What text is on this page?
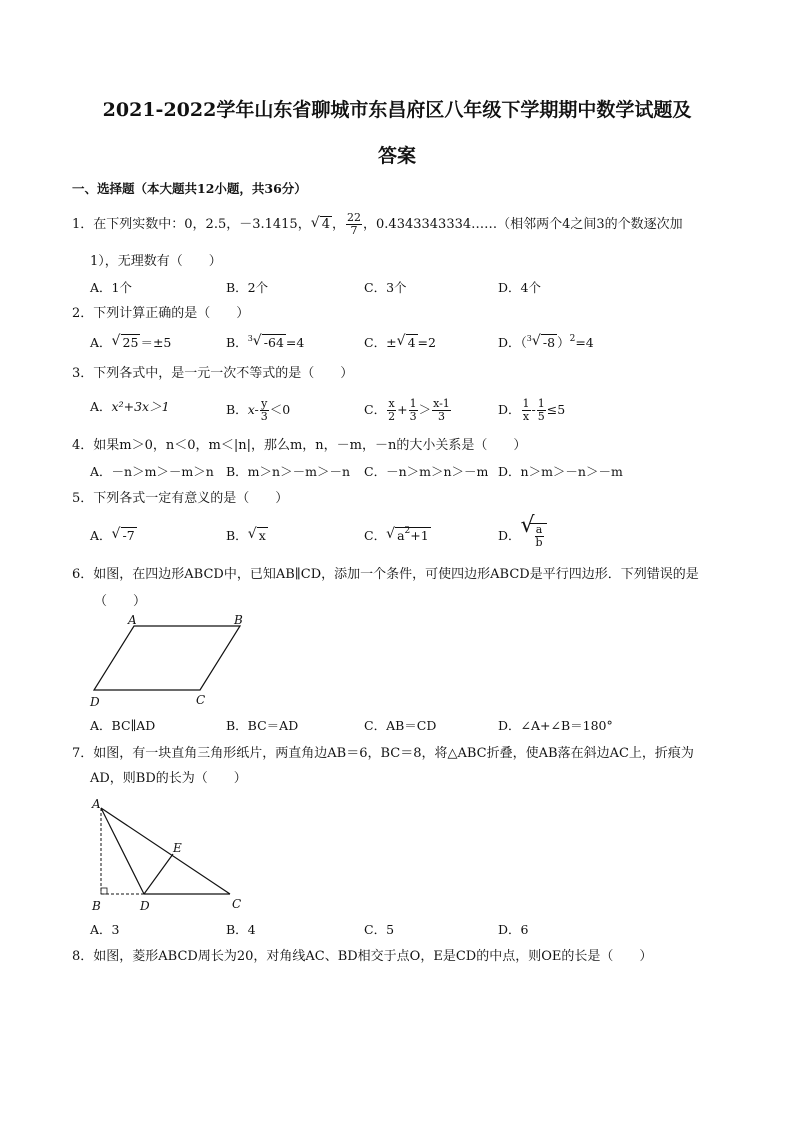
2021-2022学年山东省聊城市东昌府区八年级下学期期中数学试题及
答案
一、选择题（本大题共12小题，共36分）
1．在下列实数中：0，2.5，－3.1415， √ 4 ， $\frac{22}{7}$ ，0.4343343334……（相邻两个4之间3的个数逐次加
1），无理数有（　　）
A．1个	B．2个	C．3个	D．4个
2．下列计算正确的是（　　）
A． √ 25 ＝±5	B．$^3$ √ -64 =4	C．± √ 4 =2	D．（$^3$ √ -8 ）$^2$=4
3．下列各式中，是一元一次不等式的是（　　）
A．x²+3x＞1	B．$x- \frac{y}{3} <0$	C． $\frac{x}{2} + \frac{1}{3} > \frac{x-1}{3}$	D． $\frac{1}{x} - \frac{1}{5} \le 5$
4．如果m＞0，n＜0，m＜|n|，那么m，n，－m，－n的大小关系是（　　）
A．－n＞m＞－m＞n B．m＞n＞－m＞－n C．－n＞m＞n＞－m D．n＞m＞－n＞－m
5．下列各式一定有意义的是（　　）
A． √ -7	B． √ x	C． √ $a^2+1$	D． √ $\frac{a}{b}$
6．如图，在四边形ABCD中，已知AB∥CD，添加一个条件，可使四边形ABCD是平行四边形．下列错误的是
（　　）
A	B
C
D
A．BC∥AD	B．BC＝AD	C．AB＝CD	D．∠A+∠B＝180°
7．如图，有一块直角三角形纸片，两直角边AB＝6，BC＝8，将△ABC折叠，使AB落在斜边AC上，折痕为
AD，则BD的长为（　　）
A
B	D	C
E
A．3	B．4	C．5	D．6
8．如图，菱形ABCD周长为20，对角线AC、BD相交于点O，E是CD的中点，则OE的长是（　　）
